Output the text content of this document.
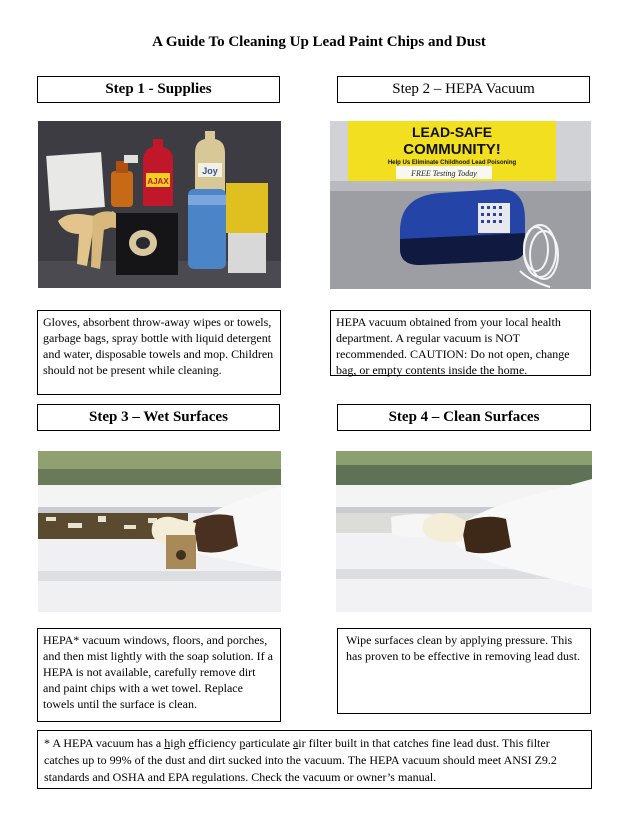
A Guide To Cleaning Up Lead Paint Chips and Dust
Step 1 - Supplies	Step 2 – HEPA Vacuum
AJAX
Joy
LEAD-SAFE
COMMUNITY!
Help Us Eliminate Childhood Lead Poisoning
FREE Testing Today
Gloves, absorbent throw-away wipes or towels, garbage bags, spray bottle with liquid detergent and water, disposable towels and mop. Children should not be present while cleaning.
HEPA vacuum obtained from your local health department. A regular vacuum is NOT recommended. CAUTION: Do not open, change bag, or empty contents inside the home.
Step 3 – Wet Surfaces	Step 4 – Clean Surfaces
HEPA* vacuum windows, floors, and porches, and then mist lightly with the soap solution. If a HEPA is not available, carefully remove dirt and paint chips with a wet towel. Replace towels until the surface is clean.
Wipe surfaces clean by applying pressure. This has proven to be effective in removing lead dust.
* A HEPA vacuum has a high efficiency particulate air filter built in that catches fine lead dust. This filter catches up to 99% of the dust and dirt sucked into the vacuum. The HEPA vacuum should meet ANSI Z9.2 standards and OSHA and EPA regulations. Check the vacuum or owner’s manual.
